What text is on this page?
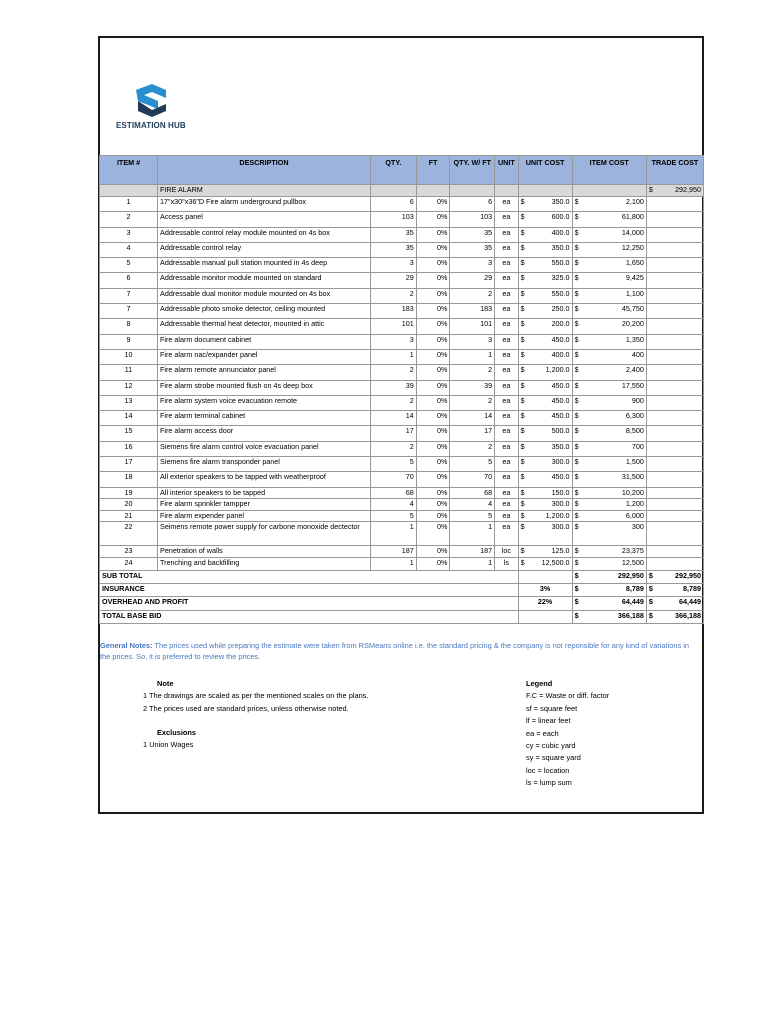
ESTIMATION HUB
ITEM #	DESCRIPTION	QTY.	FT	QTY. W/ FT	UNIT	UNIT COST	ITEM COST	TRADE COST
	FIRE ALARM							$ 292,950
1	17"x30"x36"D Fire alarm underground pullbox	6	0%	6	ea	$ 350.0	$ 2,100	
2	Access panel	103	0%	103	ea	$ 600.0	$ 61,800	
3	Addressable control relay module mounted on 4s box	35	0%	35	ea	$ 400.0	$ 14,000	
4	Addressable control relay	35	0%	35	ea	$ 350.0	$ 12,250	
5	Addressable manual pull station mounted in 4s deep	3	0%	3	ea	$ 550.0	$ 1,650	
6	Addressable monitor module mounted on standard	29	0%	29	ea	$ 325.0	$ 9,425	
7	Addressable dual monitor module mounted on 4s box	2	0%	2	ea	$ 550.0	$ 1,100	
7	Addressable photo smoke detector, ceiling mounted	183	0%	183	ea	$ 250.0	$ 45,750	
8	Addressable thermal heat detector, mounted in attic	101	0%	101	ea	$ 200.0	$ 20,200	
9	Fire alarm document cabinet	3	0%	3	ea	$ 450.0	$ 1,350	
10	Fire alarm nac/expander panel	1	0%	1	ea	$ 400.0	$ 400	
11	Fire alarm remote annunciator panel	2	0%	2	ea	$ 1,200.0	$ 2,400	
12	Fire alarm strobe mounted flush on 4s deep box	39	0%	39	ea	$ 450.0	$ 17,550	
13	Fire alarm system voice evacuation remote	2	0%	2	ea	$ 450.0	$ 900	
14	Fire alarm terminal cabinet	14	0%	14	ea	$ 450.0	$ 6,300	
15	Fire alarm access door	17	0%	17	ea	$ 500.0	$ 8,500	
16	Siemens fire alarm control voice evacuation panel	2	0%	2	ea	$ 350.0	$ 700	
17	Siemens fire alarm transponder panel	5	0%	5	ea	$ 300.0	$ 1,500	
18	All exterior speakers to be tapped with weatherproof	70	0%	70	ea	$ 450.0	$ 31,500	
19	All interior speakers to be tapped	68	0%	68	ea	$ 150.0	$ 10,200	
20	Fire alarm sprinkler tampper	4	0%	4	ea	$ 300.0	$ 1,200	
21	Fire alarm expender panel	5	0%	5	ea	$ 1,200.0	$ 6,000	
22	Seimens remote power supply for carbone monoxide dectector	1	0%	1	ea	$ 300.0	$ 300	
23	Penetration of walls	187	0%	187	loc	$ 125.0	$ 23,375	
24	Trenching and backfilling	1	0%	1	ls	$ 12,500.0	$ 12,500	
SUB TOTAL							$ 292,950	$ 292,950
INSURANCE						3%	$ 8,789	$ 8,789
OVERHEAD AND PROFIT						22%	$ 64,449	$ 64,449
TOTAL BASE BID							$ 366,188	$ 366,188
General Notes: The prices used while preparing the estimate were taken from RSMeans online i.e. the standard pricing & the company is not reponsible for any kind of variations in the prices. So, it is preferred to review the prices.
Note
1 The drawings are scaled as per the mentioned scales on the plans.
2 The prices used are standard prices, unless otherwise noted.
Exclusions
1 Union Wages
Legend
F.C = Waste or diff. factor
sf = square feet
lf = linear feet
ea = each
cy = cubic yard
sy = square yard
loc = location
ls = lump sum
